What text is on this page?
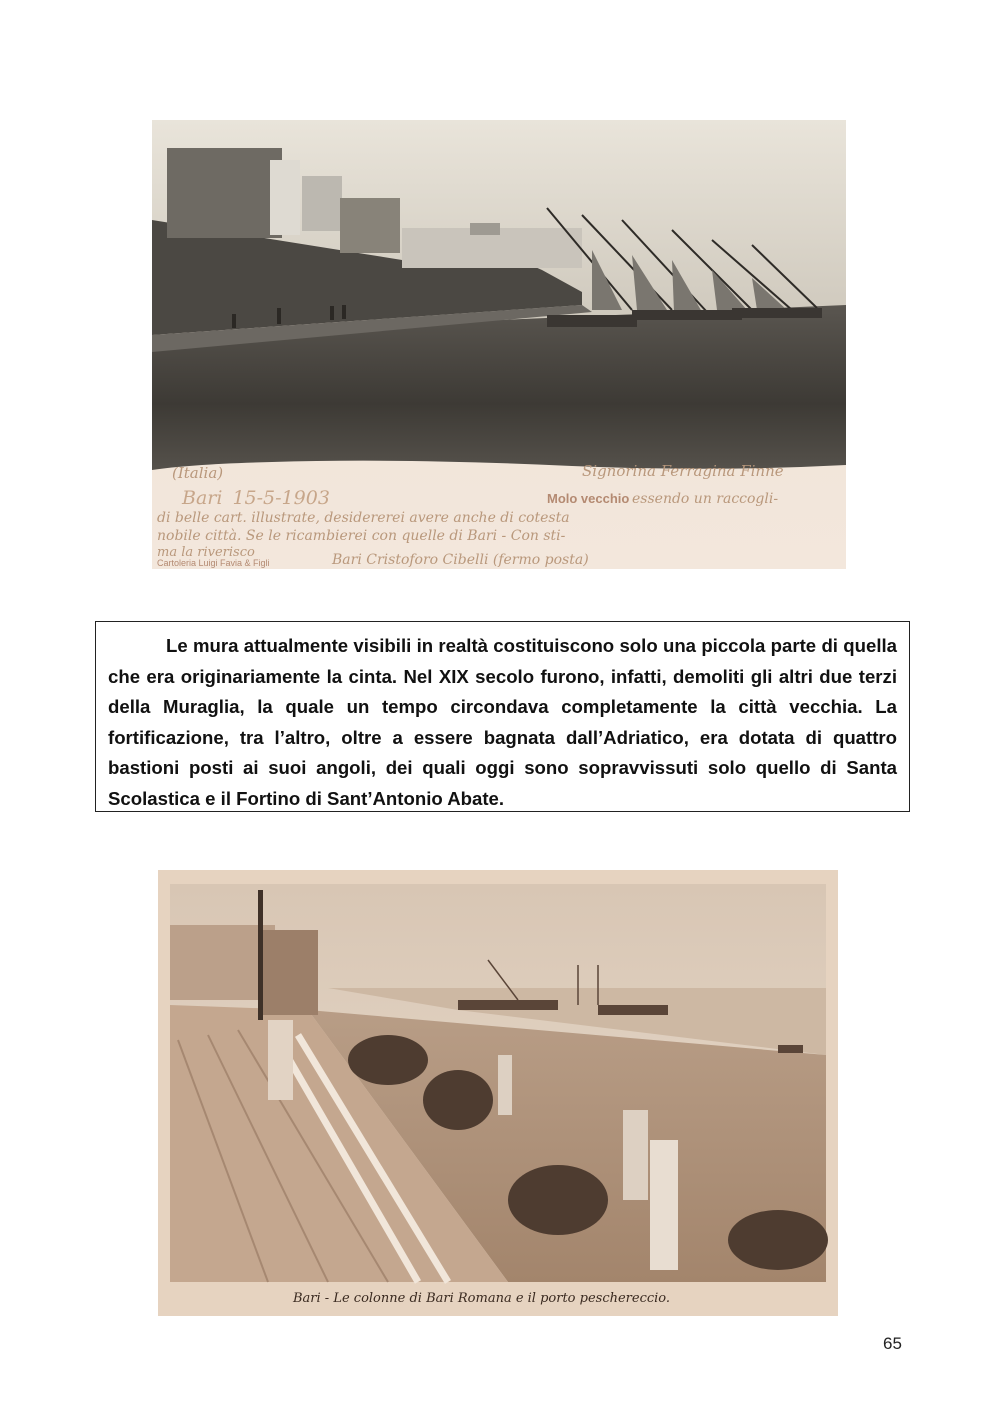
(Italia)	Signorina Ferragina Finne
Bari 15-5-1903	Molo vecchio essendo un raccogli-
di belle cart. illustrate, desidererei avere anche di cotesta
nobile città. Se le ricambierei con quelle di Bari - Con sti-
ma la riverisco
Cartoleria Luigi Favia & Figli	Bari Cristoforo Cibelli (fermo posta)

Le mura attualmente visibili in realtà costituiscono solo una piccola parte di quella che era originariamente la cinta. Nel XIX secolo furono, infatti, demoliti gli altri due terzi della Muraglia, la quale un tempo circondava completamente la città vecchia. La fortificazione, tra l’altro, oltre a essere bagnata dall’Adriatico, era dotata di quattro bastioni posti ai suoi angoli, dei quali oggi sono sopravvissuti solo quello di Santa Scolastica e il Fortino di Sant’Antonio Abate.

Bari - Le colonne di Bari Romana e il porto peschereccio.
65
